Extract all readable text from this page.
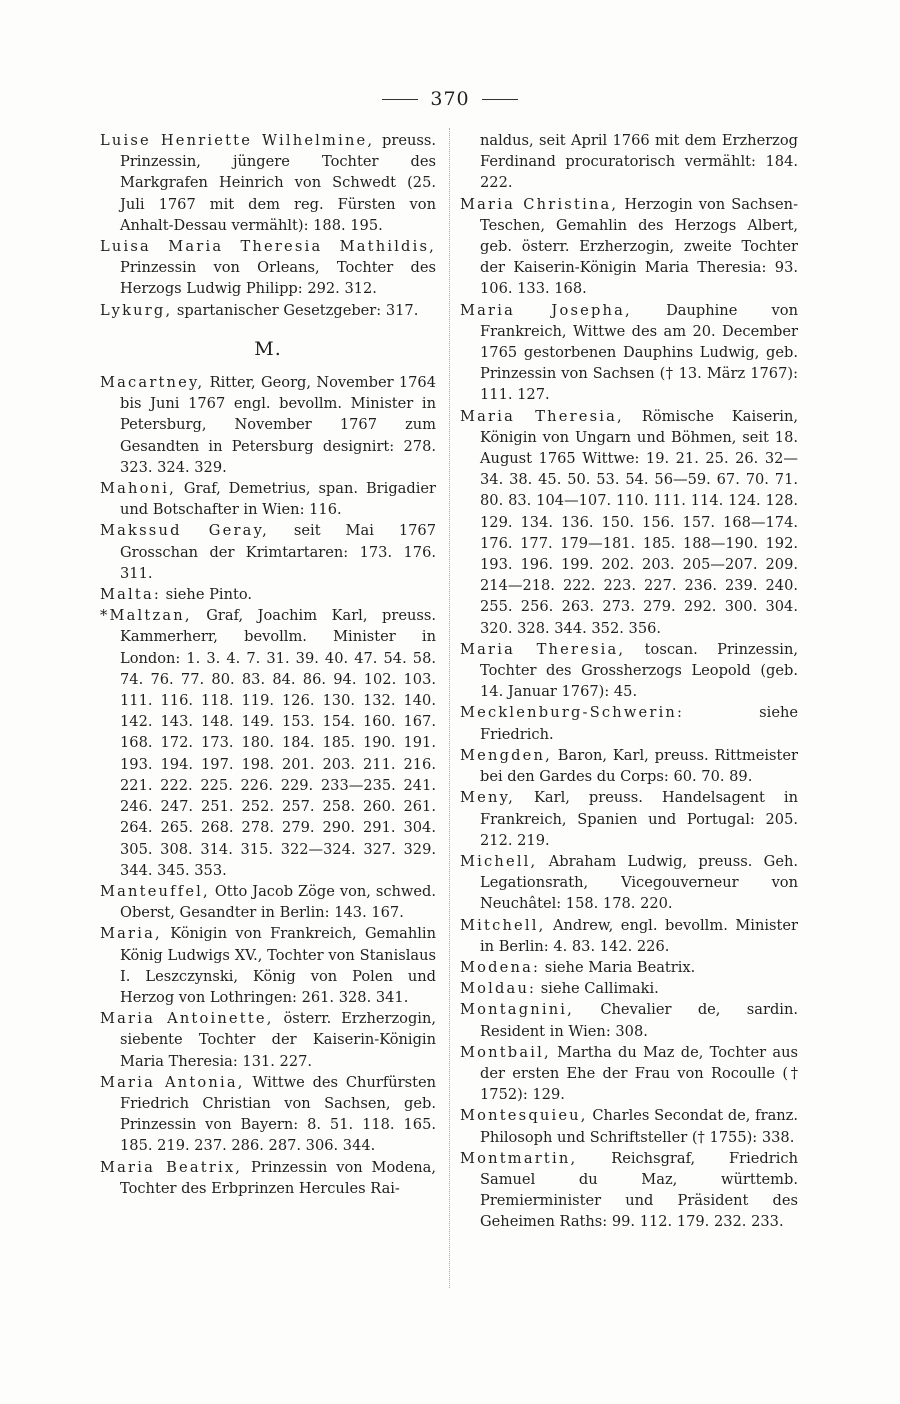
370

Luise Henriette Wilhelmine, preuss. Prinzessin, jüngere Tochter des Markgrafen Heinrich von Schwedt (25. Juli 1767 mit dem reg. Fürsten von Anhalt-Dessau vermählt): 188. 195.

Luisa Maria Theresia Mathildis, Prinzessin von Orleans, Tochter des Herzogs Ludwig Philipp: 292. 312.

Lykurg, spartanischer Gesetzgeber: 317.

M.

Macartney, Ritter, Georg, November 1764 bis Juni 1767 engl. bevollm. Minister in Petersburg, November 1767 zum Gesandten in Petersburg designirt: 278. 323. 324. 329.

Mahoni, Graf, Demetrius, span. Brigadier und Botschafter in Wien: 116.

Makssud Geray, seit Mai 1767 Grosschan der Krimtartaren: 173. 176. 311.

Malta: siehe Pinto.

*Maltzan, Graf, Joachim Karl, preuss. Kammerherr, bevollm. Minister in London: 1. 3. 4. 7. 31. 39. 40. 47. 54. 58. 74. 76. 77. 80. 83. 84. 86. 94. 102. 103. 111. 116. 118. 119. 126. 130. 132. 140. 142. 143. 148. 149. 153. 154. 160. 167. 168. 172. 173. 180. 184. 185. 190. 191. 193. 194. 197. 198. 201. 203. 211. 216. 221. 222. 225. 226. 229. 233—235. 241. 246. 247. 251. 252. 257. 258. 260. 261. 264. 265. 268. 278. 279. 290. 291. 304. 305. 308. 314. 315. 322—324. 327. 329. 344. 345. 353.

Manteuffel, Otto Jacob Zöge von, schwed. Oberst, Gesandter in Berlin: 143. 167.

Maria, Königin von Frankreich, Gemahlin König Ludwigs XV., Tochter von Stanislaus I. Leszczynski, König von Polen und Herzog von Lothringen: 261. 328. 341.

Maria Antoinette, österr. Erzherzogin, siebente Tochter der Kaiserin-Königin Maria Theresia: 131. 227.

Maria Antonia, Wittwe des Churfürsten Friedrich Christian von Sachsen, geb. Prinzessin von Bayern: 8. 51. 118. 165. 185. 219. 237. 286. 287. 306. 344.

Maria Beatrix, Prinzessin von Modena, Tochter des Erbprinzen Hercules Rai-

naldus, seit April 1766 mit dem Erzherzog Ferdinand procuratorisch vermählt: 184. 222.

Maria Christina, Herzogin von Sachsen-Teschen, Gemahlin des Herzogs Albert, geb. österr. Erzherzogin, zweite Tochter der Kaiserin-Königin Maria Theresia: 93. 106. 133. 168.

Maria Josepha, Dauphine von Frankreich, Wittwe des am 20. December 1765 gestorbenen Dauphins Ludwig, geb. Prinzessin von Sachsen († 13. März 1767): 111. 127.

Maria Theresia, Römische Kaiserin, Königin von Ungarn und Böhmen, seit 18. August 1765 Wittwe: 19. 21. 25. 26. 32—34. 38. 45. 50. 53. 54. 56—59. 67. 70. 71. 80. 83. 104—107. 110. 111. 114. 124. 128. 129. 134. 136. 150. 156. 157. 168—174. 176. 177. 179—181. 185. 188—190. 192. 193. 196. 199. 202. 203. 205—207. 209. 214—218. 222. 223. 227. 236. 239. 240. 255. 256. 263. 273. 279. 292. 300. 304. 320. 328. 344. 352. 356.

Maria Theresia, toscan. Prinzessin, Tochter des Grossherzogs Leopold (geb. 14. Januar 1767): 45.

Mecklenburg-Schwerin: siehe Friedrich.

Mengden, Baron, Karl, preuss. Rittmeister bei den Gardes du Corps: 60. 70. 89.

Meny, Karl, preuss. Handelsagent in Frankreich, Spanien und Portugal: 205. 212. 219.

Michell, Abraham Ludwig, preuss. Geh. Legationsrath, Vicegouverneur von Neuchâtel: 158. 178. 220.

Mitchell, Andrew, engl. bevollm. Minister in Berlin: 4. 83. 142. 226.

Modena: siehe Maria Beatrix.

Moldau: siehe Callimaki.

Montagnini, Chevalier de, sardin. Resident in Wien: 308.

Montbail, Martha du Maz de, Tochter aus der ersten Ehe der Frau von Rocoulle († 1752): 129.

Montesquieu, Charles Secondat de, franz. Philosoph und Schriftsteller († 1755): 338.

Montmartin, Reichsgraf, Friedrich Samuel du Maz, württemb. Premierminister und Präsident des Geheimen Raths: 99. 112. 179. 232. 233.
